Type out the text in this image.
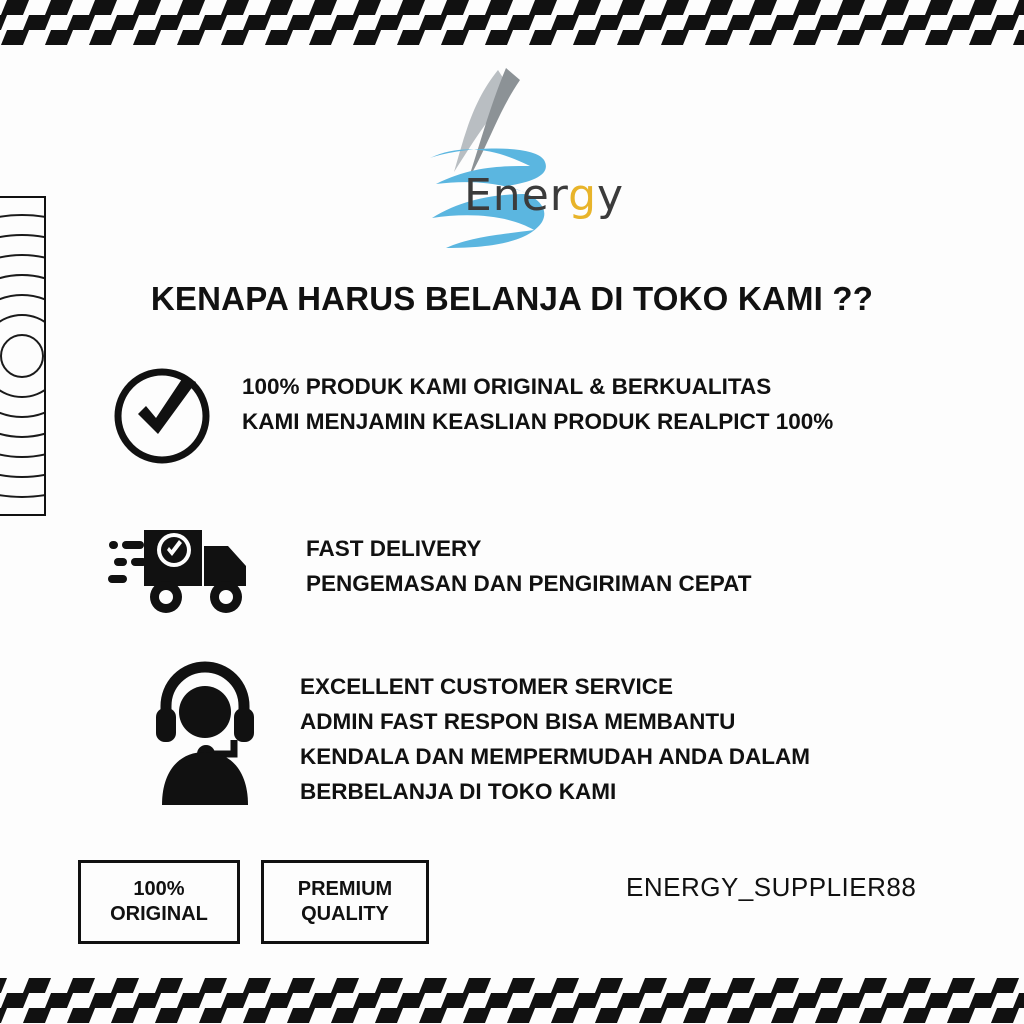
Energy
KENAPA HARUS BELANJA DI TOKO KAMI ??
100% PRODUK KAMI ORIGINAL & BERKUALITAS
KAMI MENJAMIN KEASLIAN PRODUK REALPICT 100%
FAST DELIVERY
PENGEMASAN DAN PENGIRIMAN CEPAT
EXCELLENT CUSTOMER SERVICE
ADMIN FAST RESPON BISA MEMBANTU
KENDALA DAN MEMPERMUDAH ANDA DALAM
BERBELANJA DI TOKO KAMI
100%
ORIGINAL
PREMIUM
QUALITY
ENERGY_SUPPLIER88
